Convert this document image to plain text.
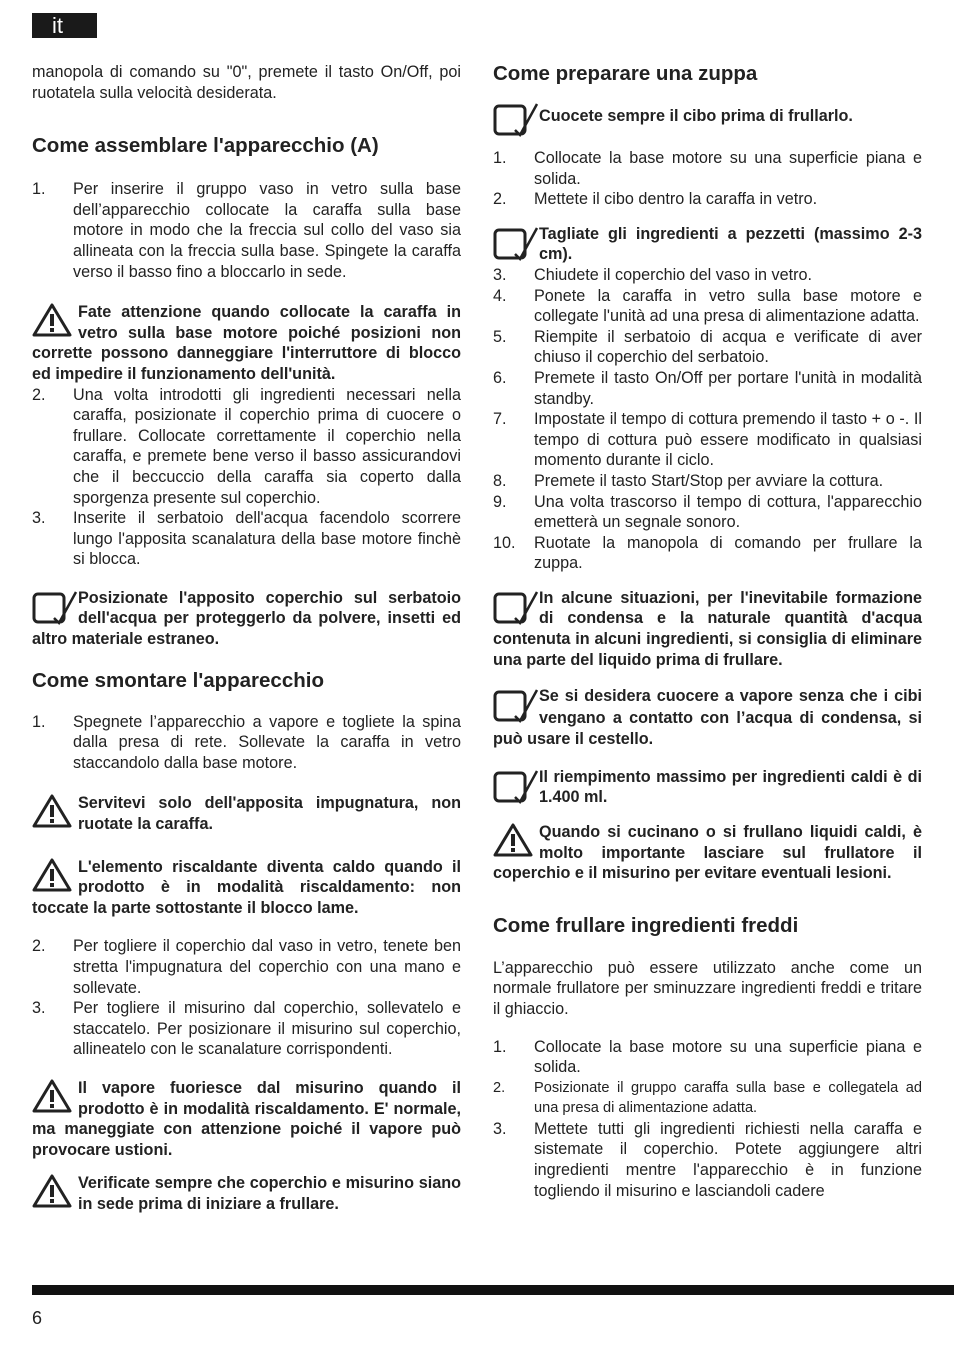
it

manopola di comando su "0", premete il tasto On/Off, poi ruotatela sulla velocità desiderata.

Come assemblare l'apparecchio (A)
1. Per inserire il gruppo vaso in vetro sulla base dell’apparecchio collocate la caraffa sulla base motore in modo che la freccia sul collo del vaso sia allineata con la freccia sulla base. Spingete la caraffa verso il basso fino a bloccarlo in sede.
Fate attenzione quando collocate la caraffa in vetro sulla base motore poiché posizioni non corrette possono danneggiare l'interruttore di blocco ed impedire il funzionamento dell'unità.
2. Una volta introdotti gli ingredienti necessari nella caraffa, posizionate il coperchio prima di cuocere o frullare. Collocate correttamente il coperchio nella caraffa, e premete bene verso il basso assicurandovi che il beccuccio della caraffa sia coperto dalla sporgenza presente sul coperchio.
3. Inserite il serbatoio dell'acqua facendolo scorrere lungo l'apposita scanalatura della base motore finchè si blocca.
Posizionate l'apposito coperchio sul serbatoio dell'acqua per proteggerlo da polvere, insetti ed altro materiale estraneo.
Come smontare l'apparecchio
1. Spegnete l’apparecchio a vapore e togliete la spina dalla presa di rete. Sollevate la caraffa in vetro staccandolo dalla base motore.
Servitevi solo dell'apposita impugnatura, non ruotate la caraffa.
L'elemento riscaldante diventa caldo quando il prodotto è in modalità riscaldamento: non toccate la parte sottostante il blocco lame.
2. Per togliere il coperchio dal vaso in vetro, tenete ben stretta l'impugnatura del coperchio con una mano e sollevate.
3. Per togliere il misurino dal coperchio, sollevatelo e staccatelo. Per posizionare il misurino sul coperchio, allineatelo con le scanalature corrispondenti.
Il vapore fuoriesce dal misurino quando il prodotto è in modalità riscaldamento. E' normale, ma maneggiate con attenzione poiché il vapore può provocare ustioni.
Verificate sempre che coperchio e misurino siano in sede prima di iniziare a frullare.
Come preparare una zuppa
Cuocete sempre il cibo prima di frullarlo.
1. Collocate la base motore su una superficie piana e solida.
2. Mettete il cibo dentro la caraffa in vetro.
Tagliate gli ingredienti a pezzetti (massimo 2-3 cm).
3. Chiudete il coperchio del vaso in vetro.
4. Ponete la caraffa in vetro sulla base motore e collegate l'unità ad una presa di alimentazione adatta.
5. Riempite il serbatoio di acqua e verificate di aver chiuso il coperchio del serbatoio.
6. Premete il tasto On/Off per portare l'unità in modalità standby.
7. Impostate il tempo di cottura premendo il tasto + o -. Il tempo di cottura può essere modificato in qualsiasi momento durante il ciclo.
8. Premete il tasto Start/Stop per avviare la cottura.
9. Una volta trascorso il tempo di cottura, l'apparecchio emetterà un segnale sonoro.
10. Ruotate la manopola di comando per frullare la zuppa.
In alcune situazioni, per l'inevitabile formazione di condensa e la naturale quantità d'acqua contenuta in alcuni ingredienti, si consiglia di eliminare una parte del liquido prima di frullare.
Se si desidera cuocere a vapore senza che i cibi vengano a contatto con l’acqua di condensa, si può usare il cestello.
Il riempimento massimo per ingredienti caldi è di 1.400 ml.
Quando si cucinano o si frullano liquidi caldi, è molto importante lasciare sul frullatore il coperchio e il misurino per evitare eventuali lesioni.
Come frullare ingredienti freddi

L’apparecchio può essere utilizzato anche come un normale frullatore per sminuzzare ingredienti freddi e tritare il ghiaccio.

1. Collocate la base motore su una superficie piana e solida.
2. Posizionate il gruppo caraffa sulla base e collegatela ad una presa di alimentazione adatta.
3. Mettete tutti gli ingredienti richiesti nella caraffa e sistemate il coperchio. Potete aggiungere altri ingredienti mentre l'apparecchio è in funzione togliendo il misurino e lasciandoli cadere
6
